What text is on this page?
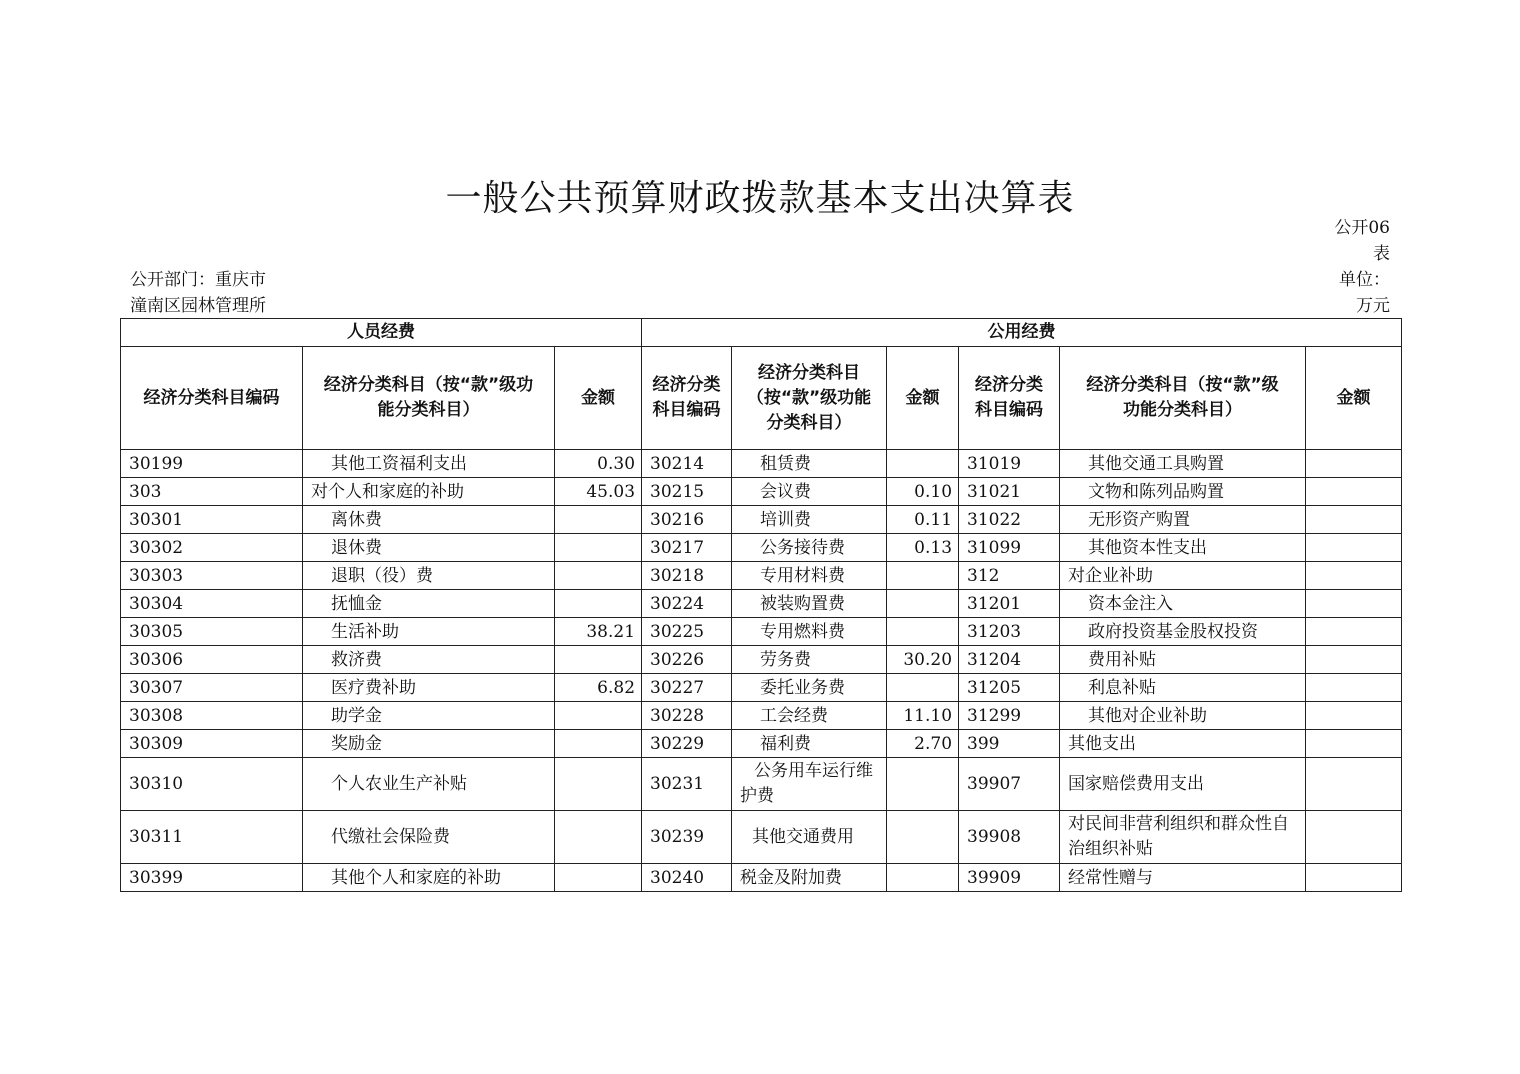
一般公共预算财政拨款基本支出决算表
公开部门：重庆市
潼南区园林管理所
公开06
表
单位：
万元
人员经费			公用经费					
经济分类科目编码	经济分类科目（按“款”级功能分类科目）	金额	经济分类科目编码	经济分类科目（按“款”级功能分类科目）	金额	经济分类科目编码	经济分类科目（按“款”级功能分类科目）	金额
30199	其他工资福利支出	0.30	30214	租赁费		31019	其他交通工具购置	
303	对个人和家庭的补助	45.03	30215	会议费	0.10	31021	文物和陈列品购置	
30301	离休费		30216	培训费	0.11	31022	无形资产购置	
30302	退休费		30217	公务接待费	0.13	31099	其他资本性支出	
30303	退职（役）费		30218	专用材料费		312	对企业补助	
30304	抚恤金		30224	被装购置费		31201	资本金注入	
30305	生活补助	38.21	30225	专用燃料费		31203	政府投资基金股权投资	
30306	救济费		30226	劳务费	30.20	31204	费用补贴	
30307	医疗费补助	6.82	30227	委托业务费		31205	利息补贴	
30308	助学金		30228	工会经费	11.10	31299	其他对企业补助	
30309	奖励金		30229	福利费	2.70	399	其他支出	
30310	个人农业生产补贴		30231	公务用车运行维护费		39907	国家赔偿费用支出	
30311	代缴社会保险费		30239	其他交通费用		39908	对民间非营利组织和群众性自治组织补贴	
30399	其他个人和家庭的补助		30240	税金及附加费		39909	经常性赠与	
